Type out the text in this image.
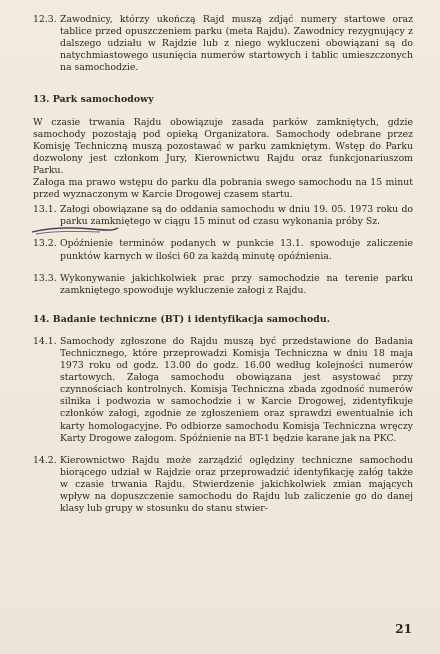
12.3. Zawodnicy, którzy ukończą Rajd muszą zdjąć numery startowe oraz tablice przed opuszczeniem parku (meta Rajdu). Zawodnicy rezygnujący z dalszego udziału w Rajdzie lub z niego wykluczeni obowiązani są do natychmiastowego usunięcia numerów startowych i tablic umieszczonych na samochodzie.
13. Park samochodowy

W czasie trwania Rajdu obowiązuje zasada parków zamkniętych, gdzie samochody pozostają pod opieką Organizatora. Samochody odebrane przez Komisję Techniczną muszą pozostawać w parku zamkniętym. Wstęp do Parku dozwolony jest członkom Jury, Kierownictwu Rajdu oraz funkcjonariuszom Parku.

Załoga ma prawo wstępu do parku dla pobrania swego samochodu na 15 minut przed wyznaczonym w Karcie Drogowej czasem startu.

13.1. Załogi obowiązane są do oddania samochodu w dniu 19. 05. 1973 roku do parku zamkniętego w ciągu 15 minut od czasu wykonania próby Sz.
13.2. Opóźnienie terminów podanych w punkcie 13.1. spowoduje zaliczenie punktów karnych w ilości 60 za każdą minutę opóźnienia.
13.3. Wykonywanie jakichkolwiek prac przy samochodzie na terenie parku zamkniętego spowoduje wykluczenie załogi z Rajdu.
14. Badanie techniczne (BT) i identyfikacja samochodu.
14.1. Samochody zgłoszone do Rajdu muszą być przedstawione do Badania Technicznego, które przeprowadzi Komisja Techniczna w dniu 18 maja 1973 roku od godz. 13.00 do godz. 16.00 według kolejności numerów startowych. Załoga samochodu obowiązana jest asystować przy czynnościach kontrolnych. Komisja Techniczna zbada zgodność numerów silnika i podwozia w samochodzie i w Karcie Drogowej, zidentyfikuje członków załogi, zgodnie ze zgłoszeniem oraz sprawdzi ewentualnie ich karty homologacyjne. Po odbiorze samochodu Komisja Techniczna wręczy Karty Drogowe załogom. Spóźnienie na BT-1 będzie karane jak na PKC.
14.2. Kierownictwo Rajdu może zarządzić oględziny techniczne samochodu biorącego udział w Rajdzie oraz przeprowadzić identyfikację załóg także w czasie trwania Rajdu. Stwierdzenie jakichkolwiek zmian mających wpływ na dopuszczenie samochodu do Rajdu lub zaliczenie go do danej klasy lub grupy w stosunku do stanu stwier-
21
